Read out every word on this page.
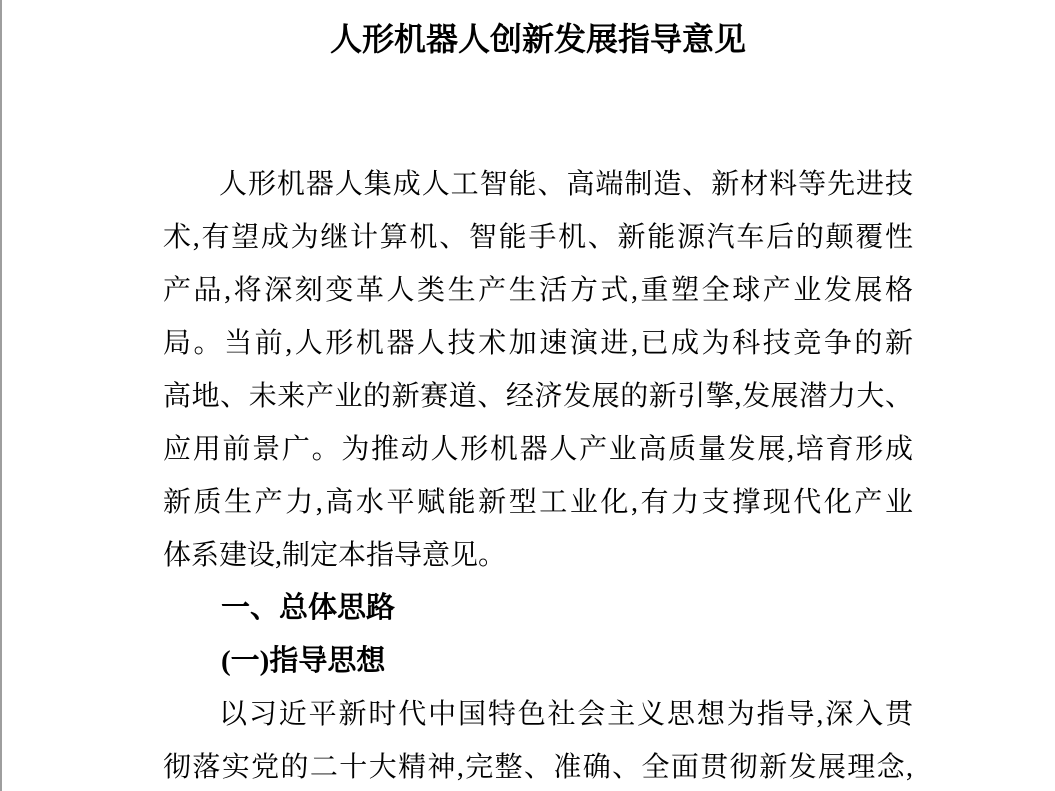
人形机器人创新发展指导意见
人形机器人集成人工智能、高端制造、新材料等先进技
术,有望成为继计算机、智能手机、新能源汽车后的颠覆性
产品,将深刻变革人类生产生活方式,重塑全球产业发展格
局。当前,人形机器人技术加速演进,已成为科技竞争的新
高地、未来产业的新赛道、经济发展的新引擎,发展潜力大、
应用前景广。为推动人形机器人产业高质量发展,培育形成
新质生产力,高水平赋能新型工业化,有力支撑现代化产业
体系建设,制定本指导意见。
一、总体思路
(一)指导思想
以习近平新时代中国特色社会主义思想为指导,深入贯
彻落实党的二十大精神,完整、准确、全面贯彻新发展理念,
